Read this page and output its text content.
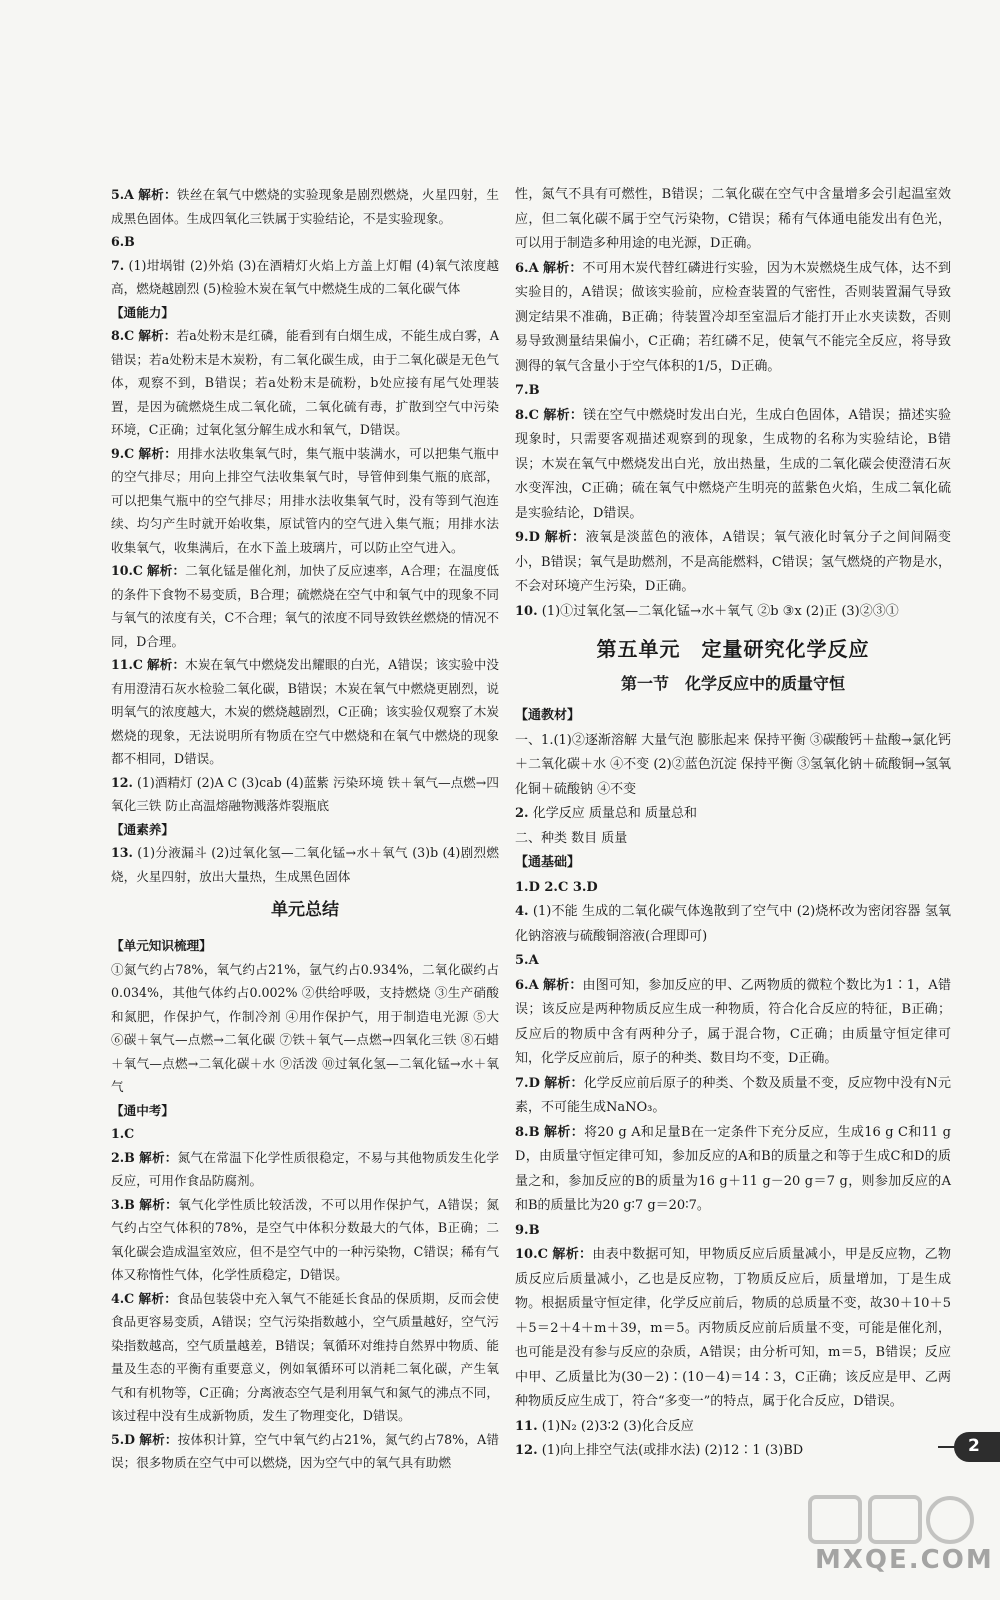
5.A 解析：铁丝在氧气中燃烧的实验现象是剧烈燃烧，火星四射，生成黑色固体。生成四氧化三铁属于实验结论，不是实验现象。

6.B

7. (1)坩埚钳 (2)外焰 (3)在酒精灯火焰上方盖上灯帽 (4)氧气浓度越高，燃烧越剧烈 (5)检验木炭在氧气中燃烧生成的二氧化碳气体

【通能力】

8.C 解析：若a处粉末是红磷，能看到有白烟生成，不能生成白雾，A错误；若a处粉末是木炭粉，有二氧化碳生成，由于二氧化碳是无色气体，观察不到，B错误；若a处粉末是硫粉，b处应接有尾气处理装置，是因为硫燃烧生成二氧化硫，二氧化硫有毒，扩散到空气中污染环境，C正确；过氧化氢分解生成水和氧气，D错误。

9.C 解析：用排水法收集氧气时，集气瓶中装满水，可以把集气瓶中的空气排尽；用向上排空气法收集氧气时，导管伸到集气瓶的底部，可以把集气瓶中的空气排尽；用排水法收集氧气时，没有等到气泡连续、均匀产生时就开始收集，原试管内的空气进入集气瓶；用排水法收集氧气，收集满后，在水下盖上玻璃片，可以防止空气进入。

10.C 解析：二氧化锰是催化剂，加快了反应速率，A合理；在温度低的条件下食物不易变质，B合理；硫燃烧在空气中和氧气中的现象不同与氧气的浓度有关，C不合理；氧气的浓度不同导致铁丝燃烧的情况不同，D合理。

11.C 解析：木炭在氧气中燃烧发出耀眼的白光，A错误；该实验中没有用澄清石灰水检验二氧化碳，B错误；木炭在氧气中燃烧更剧烈，说明氧气的浓度越大，木炭的燃烧越剧烈，C正确；该实验仅观察了木炭燃烧的现象，无法说明所有物质在空气中燃烧和在氧气中燃烧的现象都不相同，D错误。

12. (1)酒精灯 (2)A C (3)cab (4)蓝紫 污染环境 铁＋氧气—点燃→四氧化三铁 防止高温熔融物溅落炸裂瓶底

【通素养】

13. (1)分液漏斗 (2)过氧化氢—二氧化锰→水＋氧气 (3)b (4)剧烈燃烧，火星四射，放出大量热，生成黑色固体

单元总结
【单元知识梳理】

①氮气约占78%，氧气约占21%，氩气约占0.934%，二氧化碳约占0.034%，其他气体约占0.002% ②供给呼吸，支持燃烧 ③生产硝酸和氮肥，作保护气，作制冷剂 ④用作保护气，用于制造电光源 ⑤大 ⑥碳＋氧气—点燃→二氧化碳 ⑦铁＋氧气—点燃→四氧化三铁 ⑧石蜡＋氧气—点燃→二氧化碳＋水 ⑨活泼 ⑩过氧化氢—二氧化锰→水＋氧气

【通中考】

1.C

2.B 解析：氮气在常温下化学性质很稳定，不易与其他物质发生化学反应，可用作食品防腐剂。

3.B 解析：氧气化学性质比较活泼，不可以用作保护气，A错误；氮气约占空气体积的78%，是空气中体积分数最大的气体，B正确；二氧化碳会造成温室效应，但不是空气中的一种污染物，C错误；稀有气体又称惰性气体，化学性质稳定，D错误。

4.C 解析：食品包装袋中充入氧气不能延长食品的保质期，反而会使食品更容易变质，A错误；空气污染指数越小，空气质量越好，空气污染指数越高，空气质量越差，B错误；氧循环对维持自然界中物质、能量及生态的平衡有重要意义，例如氧循环可以消耗二氧化碳，产生氧气和有机物等，C正确；分离液态空气是利用氧气和氮气的沸点不同，该过程中没有生成新物质，发生了物理变化，D错误。

5.D 解析：按体积计算，空气中氧气约占21%，氮气约占78%，A错误；很多物质在空气中可以燃烧，因为空气中的氧气具有助燃

性，氮气不具有可燃性，B错误；二氧化碳在空气中含量增多会引起温室效应，但二氧化碳不属于空气污染物，C错误；稀有气体通电能发出有色光，可以用于制造多种用途的电光源，D正确。

6.A 解析：不可用木炭代替红磷进行实验，因为木炭燃烧生成气体，达不到实验目的，A错误；做该实验前，应检查装置的气密性，否则装置漏气导致测定结果不准确，B正确；待装置冷却至室温后才能打开止水夹读数，否则易导致测量结果偏小，C正确；若红磷不足，使氧气不能完全反应，将导致测得的氧气含量小于空气体积的1/5，D正确。

7.B

8.C 解析：镁在空气中燃烧时发出白光，生成白色固体，A错误；描述实验现象时，只需要客观描述观察到的现象，生成物的名称为实验结论，B错误；木炭在氧气中燃烧发出白光，放出热量，生成的二氧化碳会使澄清石灰水变浑浊，C正确；硫在氧气中燃烧产生明亮的蓝紫色火焰，生成二氧化硫是实验结论，D错误。

9.D 解析：液氧是淡蓝色的液体，A错误；氧气液化时氧分子之间间隔变小，B错误；氧气是助燃剂，不是高能燃料，C错误；氢气燃烧的产物是水，不会对环境产生污染，D正确。

10. (1)①过氧化氢—二氧化锰→水＋氧气 ②b ③x (2)正 (3)②③①

第五单元　定量研究化学反应
第一节　化学反应中的质量守恒
【通教材】

一、1.(1)②逐渐溶解 大量气泡 膨胀起来 保持平衡 ③碳酸钙＋盐酸→氯化钙＋二氧化碳＋水 ④不变 (2)②蓝色沉淀 保持平衡 ③氢氧化钠＋硫酸铜→氢氧化铜＋硫酸钠 ④不变

2. 化学反应 质量总和 质量总和

二、种类 数目 质量

【通基础】

1.D 2.C 3.D

4. (1)不能 生成的二氧化碳气体逸散到了空气中 (2)烧杯改为密闭容器 氢氧化钠溶液与硫酸铜溶液(合理即可)

5.A

6.A 解析：由图可知，参加反应的甲、乙两物质的微粒个数比为1∶1，A错误；该反应是两种物质反应生成一种物质，符合化合反应的特征，B正确；反应后的物质中含有两种分子，属于混合物，C正确；由质量守恒定律可知，化学反应前后，原子的种类、数目均不变，D正确。

7.D 解析：化学反应前后原子的种类、个数及质量不变，反应物中没有N元素，不可能生成NaNO₃。

8.B 解析：将20 g A和足量B在一定条件下充分反应，生成16 g C和11 g D，由质量守恒定律可知，参加反应的A和B的质量之和等于生成C和D的质量之和，参加反应的B的质量为16 g＋11 g－20 g＝7 g，则参加反应的A和B的质量比为20 g∶7 g＝20∶7。

9.B

10.C 解析：由表中数据可知，甲物质反应后质量减小，甲是反应物，乙物质反应后质量减小，乙也是反应物，丁物质反应后，质量增加，丁是生成物。根据质量守恒定律，化学反应前后，物质的总质量不变，故30＋10＋5＋5＝2＋4＋m＋39，m＝5。丙物质反应前后质量不变，可能是催化剂，也可能是没有参与反应的杂质，A错误；由分析可知，m＝5，B错误；反应中甲、乙质量比为(30－2)∶(10－4)＝14∶3，C正确；该反应是甲、乙两种物质反应生成丁，符合“多变一”的特点，属于化合反应，D错误。

11. (1)N₂ (2)3∶2 (3)化合反应

12. (1)向上排空气法(或排水法) (2)12∶1 (3)BD	2
MXQE.COM
